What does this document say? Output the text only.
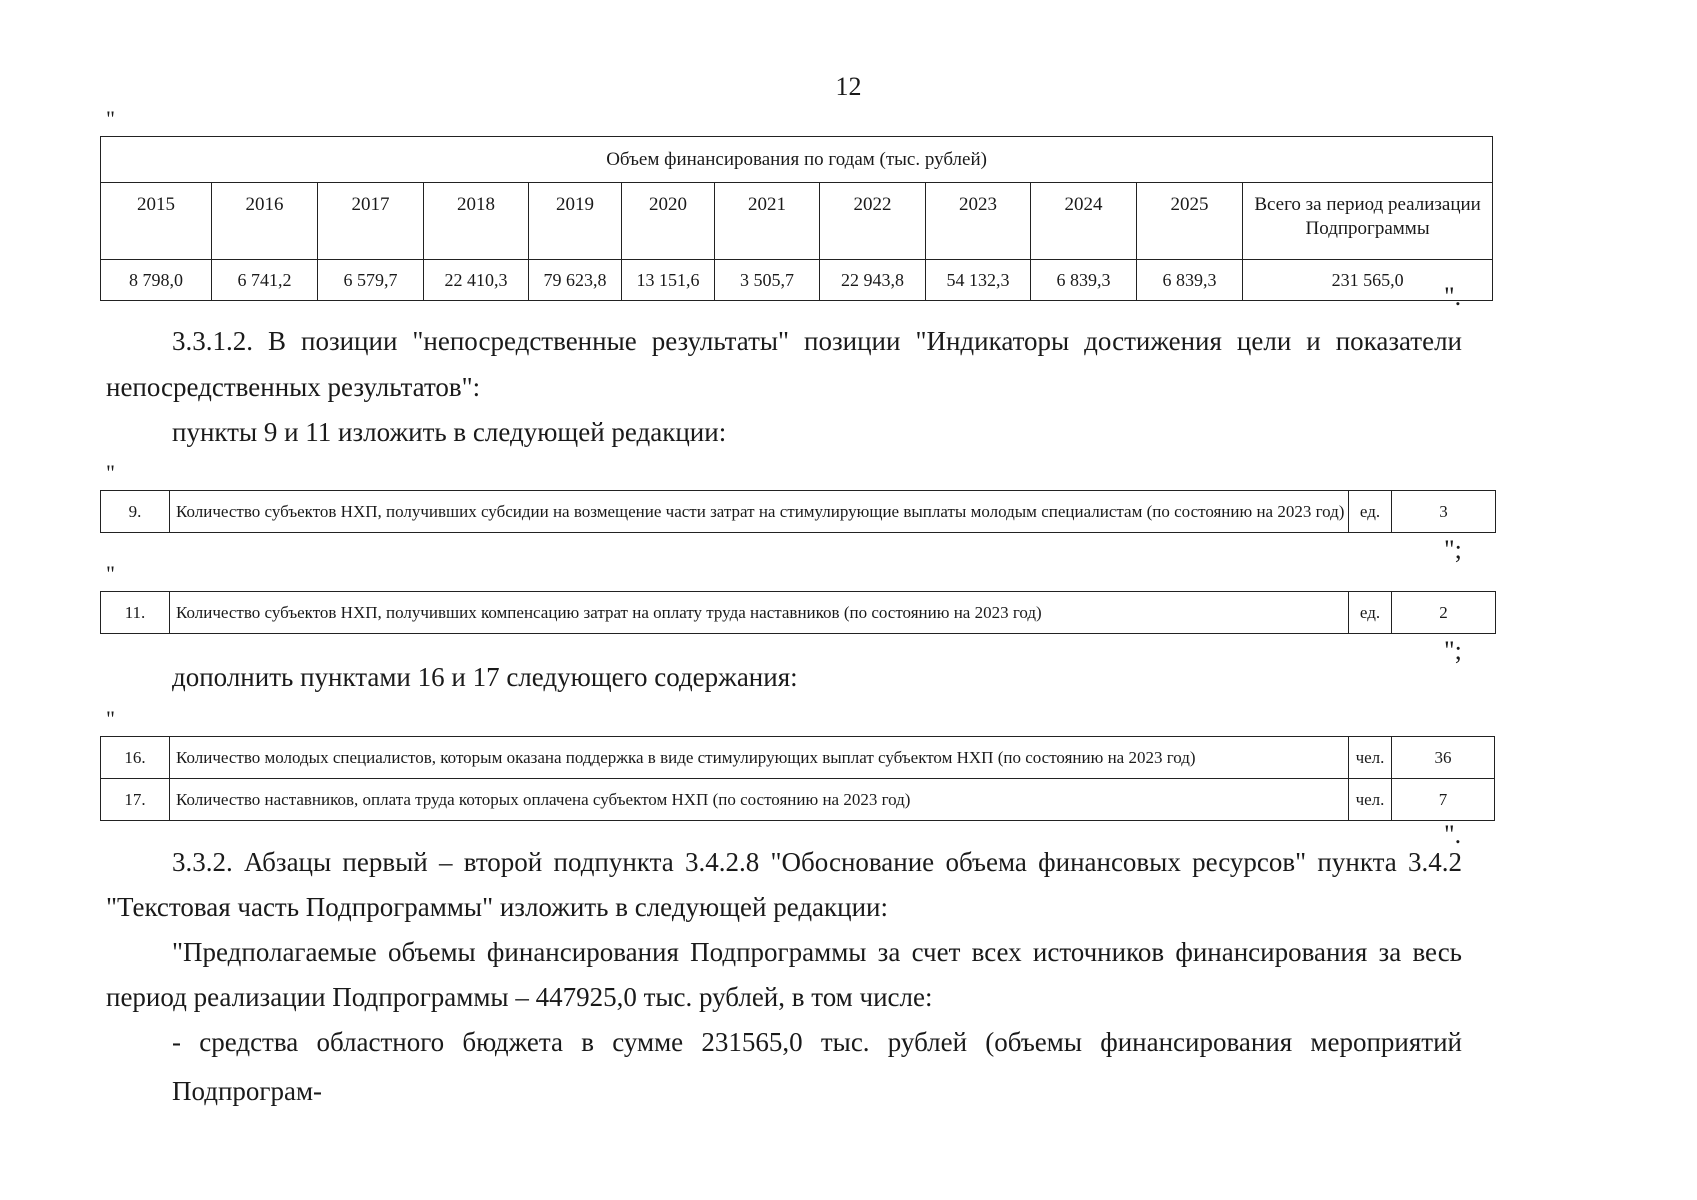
12
"
Объем финансирования по годам (тыс. рублей)											
2015	2016	2017	2018	2019	2020	2021	2022	2023	2024	2025	Всего за период реализации Подпрограммы
8 798,0	6 741,2	6 579,7	22 410,3	79 623,8	13 151,6	3 505,7	22 943,8	54 132,3	6 839,3	6 839,3	231 565,0
".
3.3.1.2. В позиции "непосредственные результаты" позиции "Индикаторы достижения цели и показатели
непосредственных результатов":
пункты 9 и 11 изложить в следующей редакции:
"
9.	Количество субъектов НХП, получивших субсидии на возмещение части затрат на стимулирующие выплаты молодым специалистам (по состоянию на 2023 год)	ед.	3
";
"
11.	Количество субъектов НХП, получивших компенсацию затрат на оплату труда наставников (по состоянию на 2023 год)	ед.	2
";
дополнить пунктами 16 и 17 следующего содержания:
"
16.	Количество молодых специалистов, которым оказана поддержка в виде стимулирующих выплат субъектом НХП (по состоянию на 2023 год)	чел.	36
17.	Количество наставников, оплата труда которых оплачена субъектом НХП (по состоянию на 2023 год)	чел.	7
".
3.3.2. Абзацы первый – второй подпункта 3.4.2.8 "Обоснование объема финансовых ресурсов" пункта 3.4.2
"Текстовая часть Подпрограммы" изложить в следующей редакции:
"Предполагаемые объемы финансирования Подпрограммы за счет всех источников финансирования за весь
период реализации Подпрограммы – 447925,0 тыс. рублей, в том числе:
- средства областного бюджета в сумме 231565,0 тыс. рублей (объемы финансирования мероприятий Подпрограм-
